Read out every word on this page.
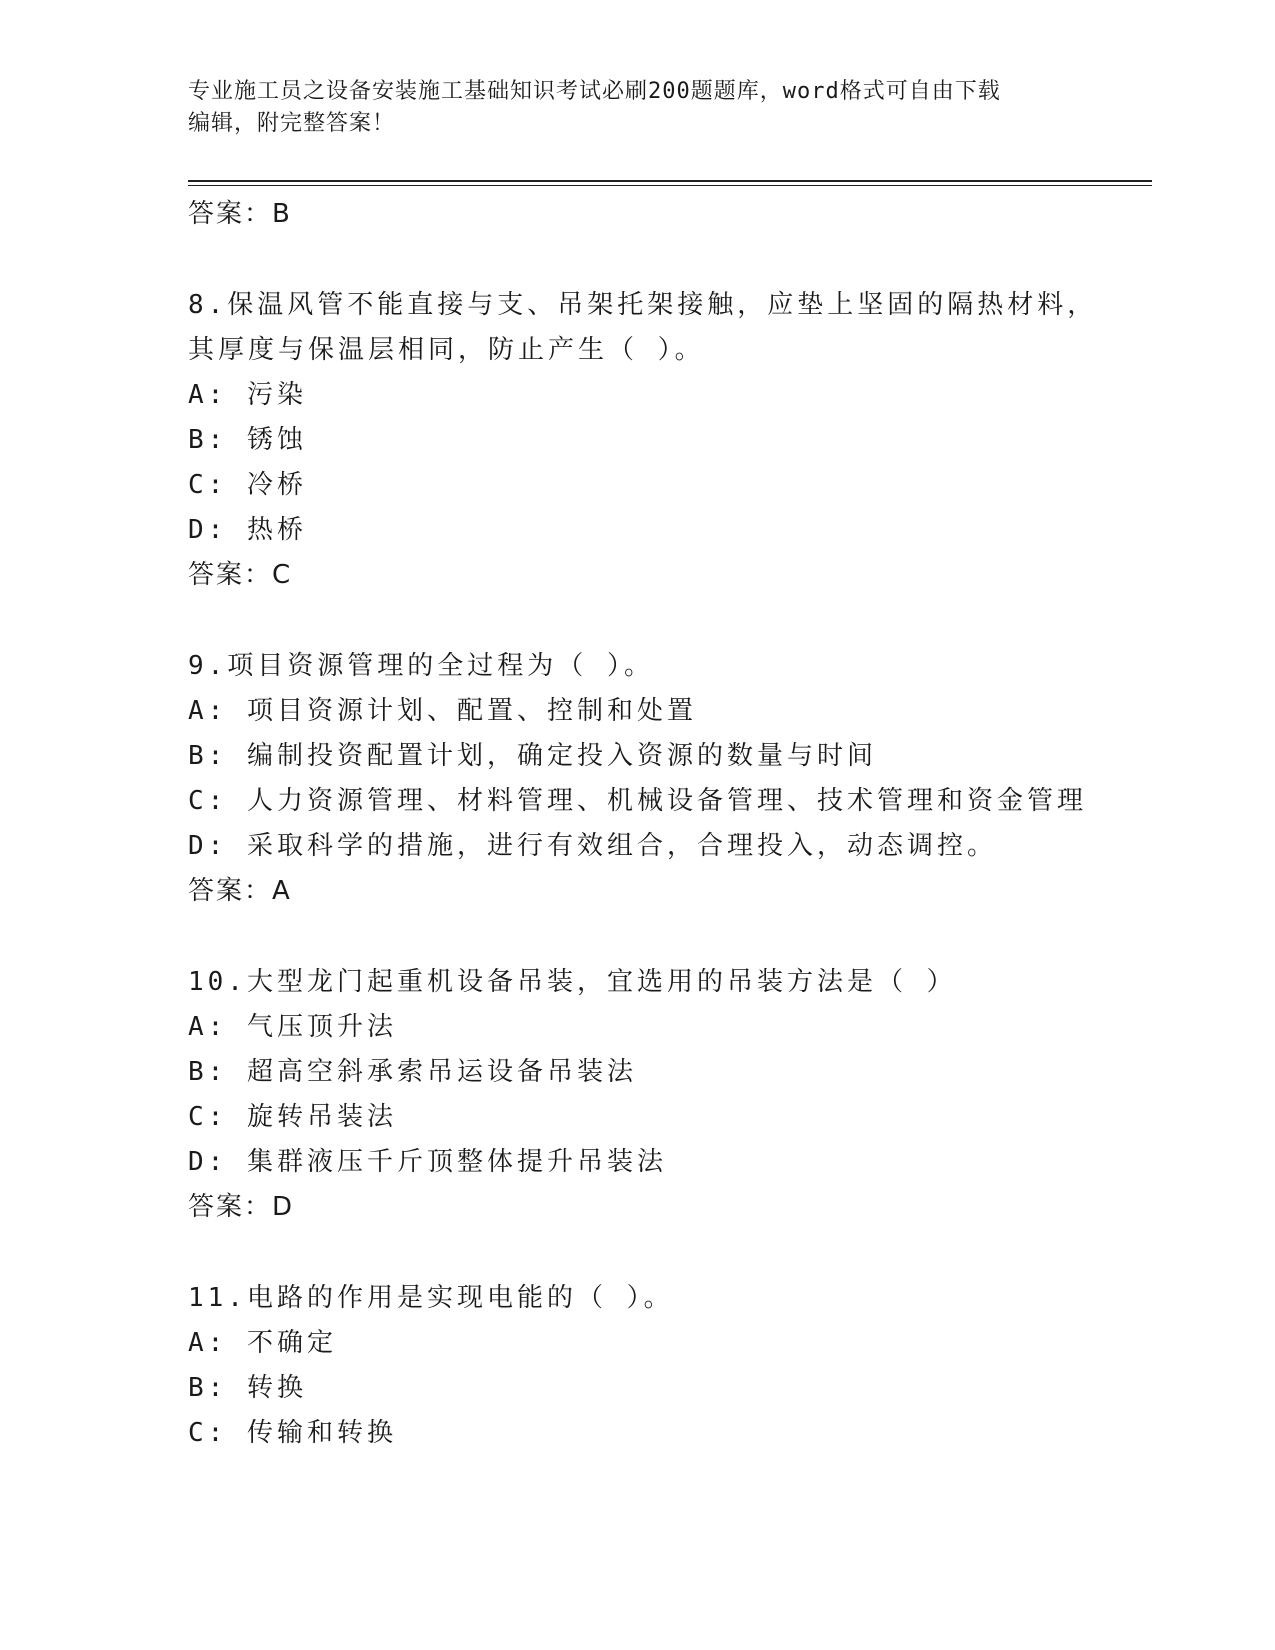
专业施工员之设备安装施工基础知识考试必刷200题题库，word格式可自由下载
编辑，附完整答案！
答案：B
8.保温风管不能直接与支、吊架托架接触，应垫上坚固的隔热材料，
其厚度与保温层相同，防止产生（ ）。
A: 污染
B: 锈蚀
C: 冷桥
D: 热桥
答案：C
9.项目资源管理的全过程为（ ）。
A: 项目资源计划、配置、控制和处置
B: 编制投资配置计划，确定投入资源的数量与时间
C: 人力资源管理、材料管理、机械设备管理、技术管理和资金管理
D: 采取科学的措施，进行有效组合，合理投入，动态调控。
答案：A
10.大型龙门起重机设备吊装，宜选用的吊装方法是（ ）
A: 气压顶升法
B: 超高空斜承索吊运设备吊装法
C: 旋转吊装法
D: 集群液压千斤顶整体提升吊装法
答案：D
11.电路的作用是实现电能的（ ）。
A: 不确定
B: 转换
C: 传输和转换
